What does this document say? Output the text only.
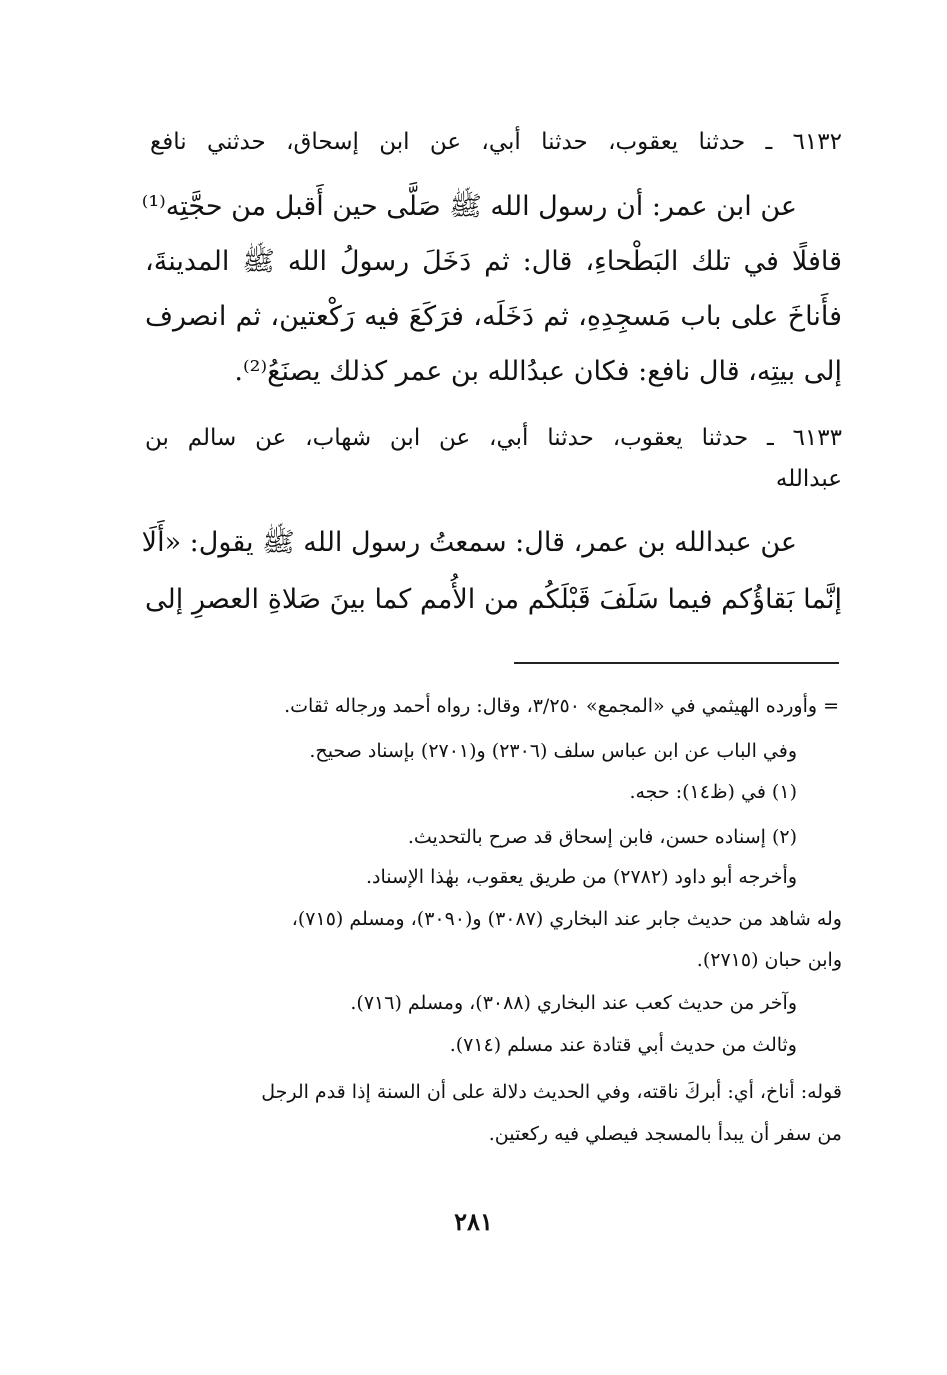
٦١٣٢ ـ حدثنا يعقوب، حدثنا أبي، عن ابن إسحاق، حدثني نافع
عن ابن عمر: أن رسول الله ﷺ صَلَّى حين أَقبل من حجَّتِه⁽¹⁾
قافلًا في تلك البَطْحاءِ، قال: ثم دَخَلَ رسولُ الله ﷺ المدينةَ،
فأَناخَ على باب مَسجِدِهِ، ثم دَخَلَه، فرَكَعَ فيه رَكْعتين، ثم انصرف
إلى بيتِه، قال نافع: فكان عبدُالله بن عمر كذلك يصنَعُ⁽²⁾.
٦١٣٣ ـ حدثنا يعقوب، حدثنا أبي، عن ابن شهاب، عن سالم بن
عبدالله
عن عبدالله بن عمر، قال: سمعتُ رسول الله ﷺ يقول: «أَلَا
إنَّما بَقاؤُكم فيما سَلَفَ قَبْلَكُم من الأُمم كما بينَ صَلاةِ العصرِ إلى
= وأورده الهيثمي في «المجمع» ٣/٢٥٠، وقال: رواه أحمد ورجاله ثقات.
وفي الباب عن ابن عباس سلف (٢٣٠٦) و(٢٧٠١) بإسناد صحيح.
(١) في (ظ١٤): حجه.
(٢) إسناده حسن، فابن إسحاق قد صرح بالتحديث.
وأخرجه أبو داود (٢٧٨٢) من طريق يعقوب، بهٰذا الإسناد.
وله شاهد من حديث جابر عند البخاري (٣٠٨٧) و(٣٠٩٠)، ومسلم (٧١٥)،
وابن حبان (٢٧١٥).
وآخر من حديث كعب عند البخاري (٣٠٨٨)، ومسلم (٧١٦).
وثالث من حديث أبي قتادة عند مسلم (٧١٤).
قوله: أناخ، أي: أبركَ ناقته، وفي الحديث دلالة على أن السنة إذا قدم الرجل
من سفر أن يبدأ بالمسجد فيصلي فيه ركعتين.
٢٨١
